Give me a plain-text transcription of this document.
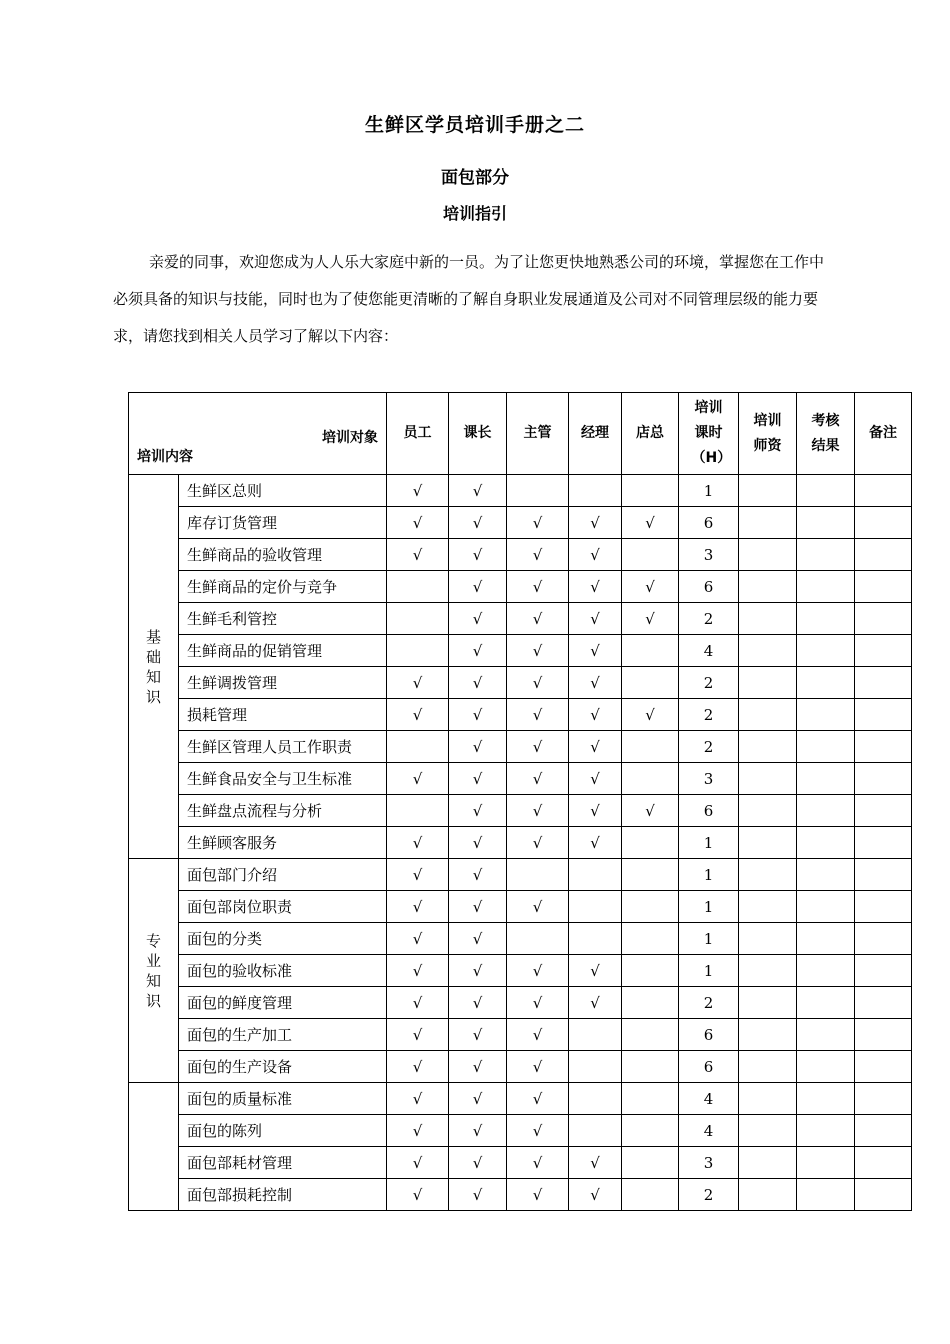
生鲜区学员培训手册之二
面包部分
培训指引
亲爱的同事，欢迎您成为人人乐大家庭中新的一员。为了让您更快地熟悉公司的环境，掌握您在工作中必须具备的知识与技能，同时也为了使您能更清晰的了解自身职业发展通道及公司对不同管理层级的能力要求，请您找到相关人员学习了解以下内容：
培训对象
培训内容		员工	课长	主管	经理	店总	培训课时（H）	培训师资	考核结果	备注
基础知识	生鲜区总则	√	√				1			
	库存订货管理	√	√	√	√	√	6			
	生鲜商品的验收管理	√	√	√	√		3			
	生鲜商品的定价与竞争		√	√	√	√	6			
	生鲜毛利管控		√	√	√	√	2			
	生鲜商品的促销管理		√	√	√		4			
	生鲜调拨管理	√	√	√	√		2			
	损耗管理	√	√	√	√	√	2			
	生鲜区管理人员工作职责		√	√	√		2			
	生鲜食品安全与卫生标准	√	√	√	√		3			
	生鲜盘点流程与分析		√	√	√	√	6			
	生鲜顾客服务	√	√	√	√		1			
专业知识	面包部门介绍	√	√				1			
	面包部岗位职责	√	√	√			1			
	面包的分类	√	√				1			
	面包的验收标准	√	√	√	√		1			
	面包的鲜度管理	√	√	√	√		2			
	面包的生产加工	√	√	√			6			
	面包的生产设备	√	√	√			6			
	面包的质量标准	√	√	√			4			
	面包的陈列	√	√	√			4			
	面包部耗材管理	√	√	√	√		3			
	面包部损耗控制	√	√	√	√		2			
